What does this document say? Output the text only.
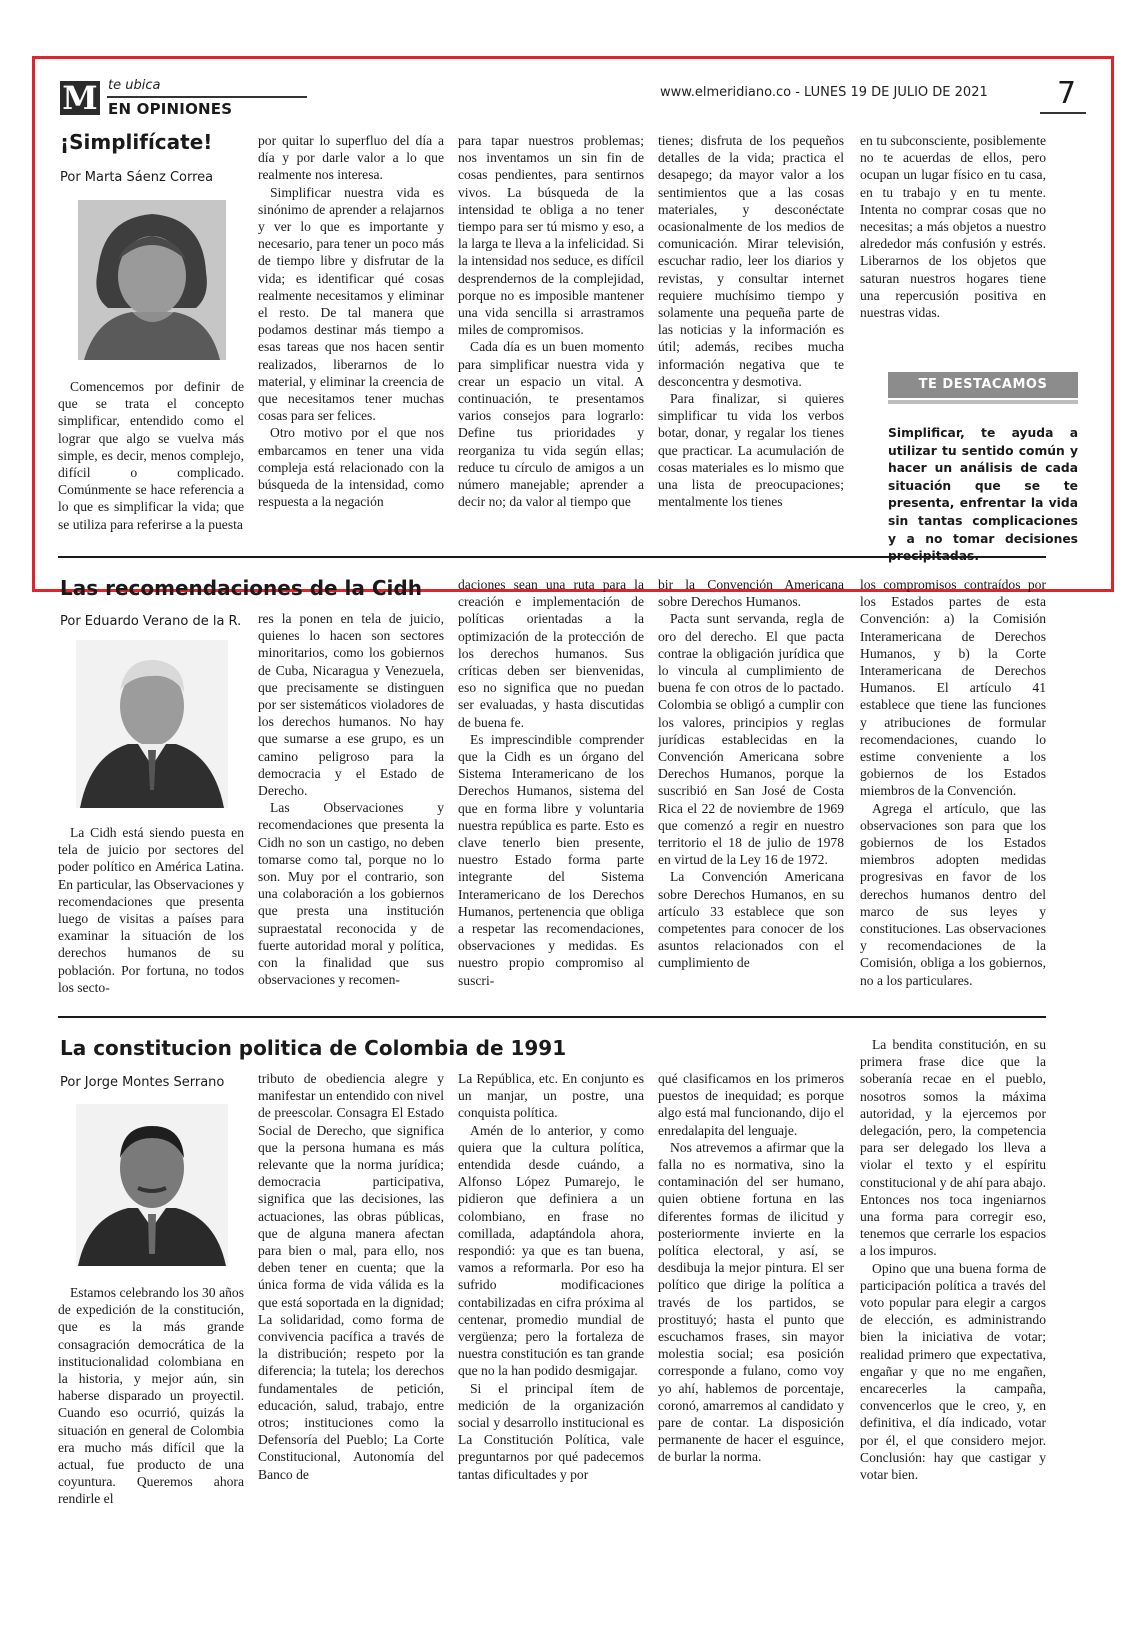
M te ubica
EN OPINIONES
www.elmeridiano.co - LUNES 19 DE JULIO DE 2021	7
¡Simplifícate!
Por Marta Sáenz Correa

Comencemos por definir de que se trata el concepto simplificar, entendido como el lograr que algo se vuelva más simple, es decir, menos complejo, difícil o complicado. Comúnmente se hace referencia a lo que es simplificar la vida; que se utiliza para referirse a la puesta

por quitar lo superfluo del día a día y por darle valor a lo que realmente nos interesa.

Simplificar nuestra vida es sinónimo de aprender a relajarnos y ver lo que es importante y necesario, para tener un poco más de tiempo libre y disfrutar de la vida; es identificar qué cosas realmente necesitamos y eliminar el resto. De tal manera que podamos destinar más tiempo a esas tareas que nos hacen sentir realizados, liberarnos de lo material, y eliminar la creencia de que necesitamos tener muchas cosas para ser felices.

Otro motivo por el que nos embarcamos en tener una vida compleja está relacionado con la búsqueda de la intensidad, como respuesta a la negación

para tapar nuestros problemas; nos inventamos un sin fin de cosas pendientes, para sentirnos vivos. La búsqueda de la intensidad te obliga a no tener tiempo para ser tú mismo y eso, a la larga te lleva a la infelicidad. Si la intensidad nos seduce, es difícil desprendernos de la complejidad, porque no es imposible mantener una vida sencilla si arrastramos miles de compromisos.

Cada día es un buen momento para simplificar nuestra vida y crear un espacio un vital. A continuación, te presentamos varios consejos para lograrlo: Define tus prioridades y reorganiza tu vida según ellas; reduce tu círculo de amigos a un número manejable; aprender a decir no; da valor al tiempo que

tienes; disfruta de los pequeños detalles de la vida; practica el desapego; da mayor valor a los sentimientos que a las cosas materiales, y desconéctate ocasionalmente de los medios de comunicación. Mirar televisión, escuchar radio, leer los diarios y revistas, y consultar internet requiere muchísimo tiempo y solamente una pequeña parte de las noticias y la información es útil; además, recibes mucha información negativa que te desconcentra y desmotiva.

Para finalizar, si quieres simplificar tu vida los verbos botar, donar, y regalar los tienes que practicar. La acumulación de cosas materiales es lo mismo que una lista de preocupaciones; mentalmente los tienes

en tu subconsciente, posiblemente no te acuerdas de ellos, pero ocupan un lugar físico en tu casa, en tu trabajo y en tu mente. Intenta no comprar cosas que no necesitas; a más objetos a nuestro alrededor más confusión y estrés. Liberarnos de los objetos que saturan nuestros hogares tiene una repercusión positiva en nuestras vidas.

TE DESTACAMOS
Simplificar, te ayuda a utilizar tu sentido común y hacer un análisis de cada situación que se te presenta, enfrentar la vida sin tantas complicaciones y a no tomar decisiones
Las recomendaciones de la Cidh
Por Eduardo Verano de la R.

La Cidh está siendo puesta en tela de juicio por sectores del poder político en América Latina. En particular, las Observaciones y recomendaciones que presenta luego de visitas a países para examinar la situación de los derechos humanos de su población. Por fortuna, no todos los secto-

res la ponen en tela de juicio, quienes lo hacen son sectores minoritarios, como los gobiernos de Cuba, Nicaragua y Venezuela, que precisamente se distinguen por ser sistemáticos violadores de los derechos humanos. No hay que sumarse a ese grupo, es un camino peligroso para la democracia y el Estado de Derecho.

Las Observaciones y recomendaciones que presenta la Cidh no son un castigo, no deben tomarse como tal, porque no lo son. Muy por el contrario, son una colaboración a los gobiernos que presta una institución supraestatal reconocida y de fuerte autoridad moral y política, con la finalidad que sus observaciones y recomen-

daciones sean una ruta para la creación e implementación de políticas orientadas a la optimización de la protección de los derechos humanos. Sus críticas deben ser bienvenidas, eso no significa que no puedan ser evaluadas, y hasta discutidas de buena fe.

Es imprescindible comprender que la Cidh es un órgano del Sistema Interamericano de los Derechos Humanos, sistema del que en forma libre y voluntaria nuestra república es parte. Esto es clave tenerlo bien presente, nuestro Estado forma parte integrante del Sistema Interamericano de los Derechos Humanos, pertenencia que obliga a respetar las recomendaciones, observaciones y medidas. Es nuestro propio compromiso al suscri-

bir la Convención Americana sobre Derechos Humanos.

Pacta sunt servanda, regla de oro del derecho. El que pacta contrae la obligación jurídica que lo vincula al cumplimiento de buena fe con otros de lo pactado. Colombia se obligó a cumplir con los valores, principios y reglas jurídicas establecidas en la Convención Americana sobre Derechos Humanos, porque la suscribió en San José de Costa Rica el 22 de noviembre de 1969 que comenzó a regir en nuestro territorio el 18 de julio de 1978 en virtud de la Ley 16 de 1972.

La Convención Americana sobre Derechos Humanos, en su artículo 33 establece que son competentes para conocer de los asuntos relacionados con el cumplimiento de

los compromisos contraídos por los Estados partes de esta Convención: a) la Comisión Interamericana de Derechos Humanos, y b) la Corte Interamericana de Derechos Humanos. El artículo 41 establece que tiene las funciones y atribuciones de formular recomendaciones, cuando lo estime conveniente a los gobiernos de los Estados miembros de la Convención.

Agrega el artículo, que las observaciones son para que los gobiernos de los Estados miembros adopten medidas progresivas en favor de los derechos humanos dentro del marco de sus leyes y constituciones. Las observaciones y recomendaciones de la Comisión, obliga a los gobiernos, no a los particulares.

La constitucion politica de Colombia de 1991
Por Jorge Montes Serrano

Estamos celebrando los 30 años de expedición de la constitución, que es la más grande consagración democrática de la institucionalidad colombiana en la historia, y mejor aún, sin haberse disparado un proyectil. Cuando eso ocurrió, quizás la situación en general de Colombia era mucho más difícil que la actual, fue producto de una coyuntura. Queremos ahora rendirle el

tributo de obediencia alegre y manifestar un entendido con nivel de preescolar. Consagra El Estado Social de Derecho, que significa que la persona humana es más relevante que la norma jurídica; democracia participativa, significa que las decisiones, las actuaciones, las obras públicas, que de alguna manera afectan para bien o mal, para ello, nos deben tener en cuenta; que la única forma de vida válida es la que está soportada en la dignidad; La solidaridad, como forma de convivencia pacífica a través de la distribución; respeto por la diferencia; la tutela; los derechos fundamentales de petición, educación, salud, trabajo, entre otros; instituciones como la Defensoría del Pueblo; La Corte Constitucional, Autonomía del Banco de

La República, etc. En conjunto es un manjar, un postre, una conquista política.

Amén de lo anterior, y como quiera que la cultura política, entendida desde cuándo, a Alfonso López Pumarejo, le pidieron que definiera a un colombiano, en frase no comillada, adaptándola ahora, respondió: ya que es tan buena, vamos a reformarla. Por eso ha sufrido modificaciones contabilizadas en cifra próxima al centenar, promedio mundial de vergüenza; pero la fortaleza de nuestra constitución es tan grande que no la han podido desmigajar.

Si el principal ítem de medición de la organización social y desarrollo institucional es La Constitución Política, vale preguntarnos por qué padecemos tantas dificultades y por

qué clasificamos en los primeros puestos de inequidad; es porque algo está mal funcionando, dijo el enredalapita del lenguaje.

Nos atrevemos a afirmar que la falla no es normativa, sino la contaminación del ser humano, quien obtiene fortuna en las diferentes formas de ilicitud y posteriormente invierte en la política electoral, y así, se desdibuja la mejor pintura. El ser político que dirige la política a través de los partidos, se prostituyó; hasta el punto que escuchamos frases, sin mayor molestia social; esa posición corresponde a fulano, como voy yo ahí, hablemos de porcentaje, coronó, amarremos al candidato y pare de contar. La disposición permanente de hacer el esguince, de burlar la norma.

La bendita constitución, en su primera frase dice que la soberanía recae en el pueblo, nosotros somos la máxima autoridad, y la ejercemos por delegación, pero, la competencia para ser delegado los lleva a violar el texto y el espíritu constitucional y de ahí para abajo. Entonces nos toca ingeniarnos una forma para corregir eso, tenemos que cerrarle los espacios a los impuros.

Opino que una buena forma de participación política a través del voto popular para elegir a cargos de elección, es administrando bien la iniciativa de votar; realidad primero que expectativa, engañar y que no me engañen, encarecerles la campaña, convencerlos que le creo, y, en definitiva, el día indicado, votar por él, el que considero mejor. Conclusión: hay que castigar y votar bien.
